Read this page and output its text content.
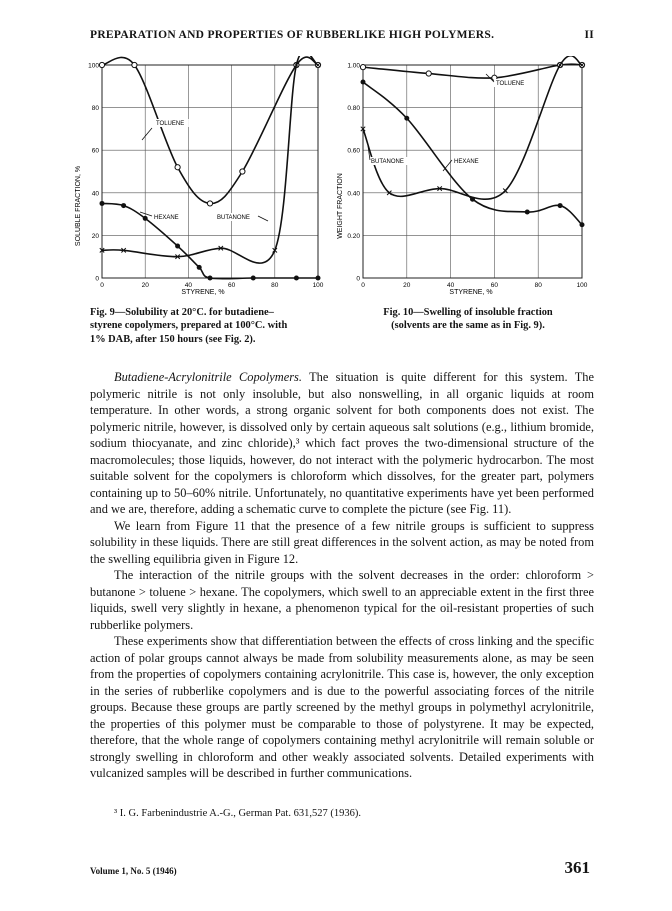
PREPARATION AND PROPERTIES OF RUBBERLIKE HIGH POLYMERS.	II
0
20
40
60
80
100
0	20	40	60	80	100
SOLUBLE FRACTION, %
STYRENE, %
TOLUENE
HEXANE	BUTANONE
0
0.20
0.40
0.60
0.80
1.00
0	20	40	60	80	100
WEIGHT FRACTION
STYRENE, %
TOLUENE
BUTANONE	HEXANE
Fig. 9—Solubility at 20°C. for butadiene–
styrene copolymers, prepared at 100°C. with
1% DAB, after 150 hours (see Fig. 2).
Fig. 10—Swelling of insoluble fraction
(solvents are the same as in Fig. 9).

Butadiene-Acrylonitrile Copolymers. The situation is quite different for this system. The polymeric nitrile is not only insoluble, but also nonswelling, in all organic liquids at room temperature. In other words, a strong organic solvent for both components does not exist. The polymeric nitrile, however, is dissolved only by certain aqueous salt solutions (e.g., lithium bromide, sodium thiocyanate, and zinc chloride),³ which fact proves the two-dimensional structure of the macromolecules; those liquids, however, do not interact with the polymeric hydrocarbon. The most suitable solvent for the copolymers is chloroform which dissolves, for the greater part, polymers containing up to 50–60% nitrile. Unfortunately, no quantitative experiments have yet been performed and we are, therefore, adding a schematic curve to complete the picture (see Fig. 11).

We learn from Figure 11 that the presence of a few nitrile groups is sufficient to suppress solubility in these liquids. There are still great differences in the solvent action, as may be noted from the swelling equilibria given in Figure 12.

The interaction of the nitrile groups with the solvent decreases in the order: chloroform > butanone > toluene > hexane. The copolymers, which swell to an appreciable extent in the first three liquids, swell very slightly in hexane, a phenomenon typical for the oil-resistant properties of such rubberlike polymers.

These experiments show that differentiation between the effects of cross linking and the specific action of polar groups cannot always be made from solubility measurements alone, as may be seen from the properties of copolymers containing acrylonitrile. This case is, however, the only exception in the series of rubberlike copolymers and is due to the powerful associating forces of the nitrile groups. Because these groups are partly screened by the methyl groups in polymethyl acrylonitrile, the properties of this polymer must be comparable to those of polystyrene. It may be expected, therefore, that the whole range of copolymers containing methyl acrylonitrile will remain soluble or strongly swelling in chloroform and other weakly associated solvents. Detailed experiments with vulcanized samples will be described in further communications.

³ I. G. Farbenindustrie A.-G., German Pat. 631,527 (1936).
Volume 1, No. 5 (1946)	361
